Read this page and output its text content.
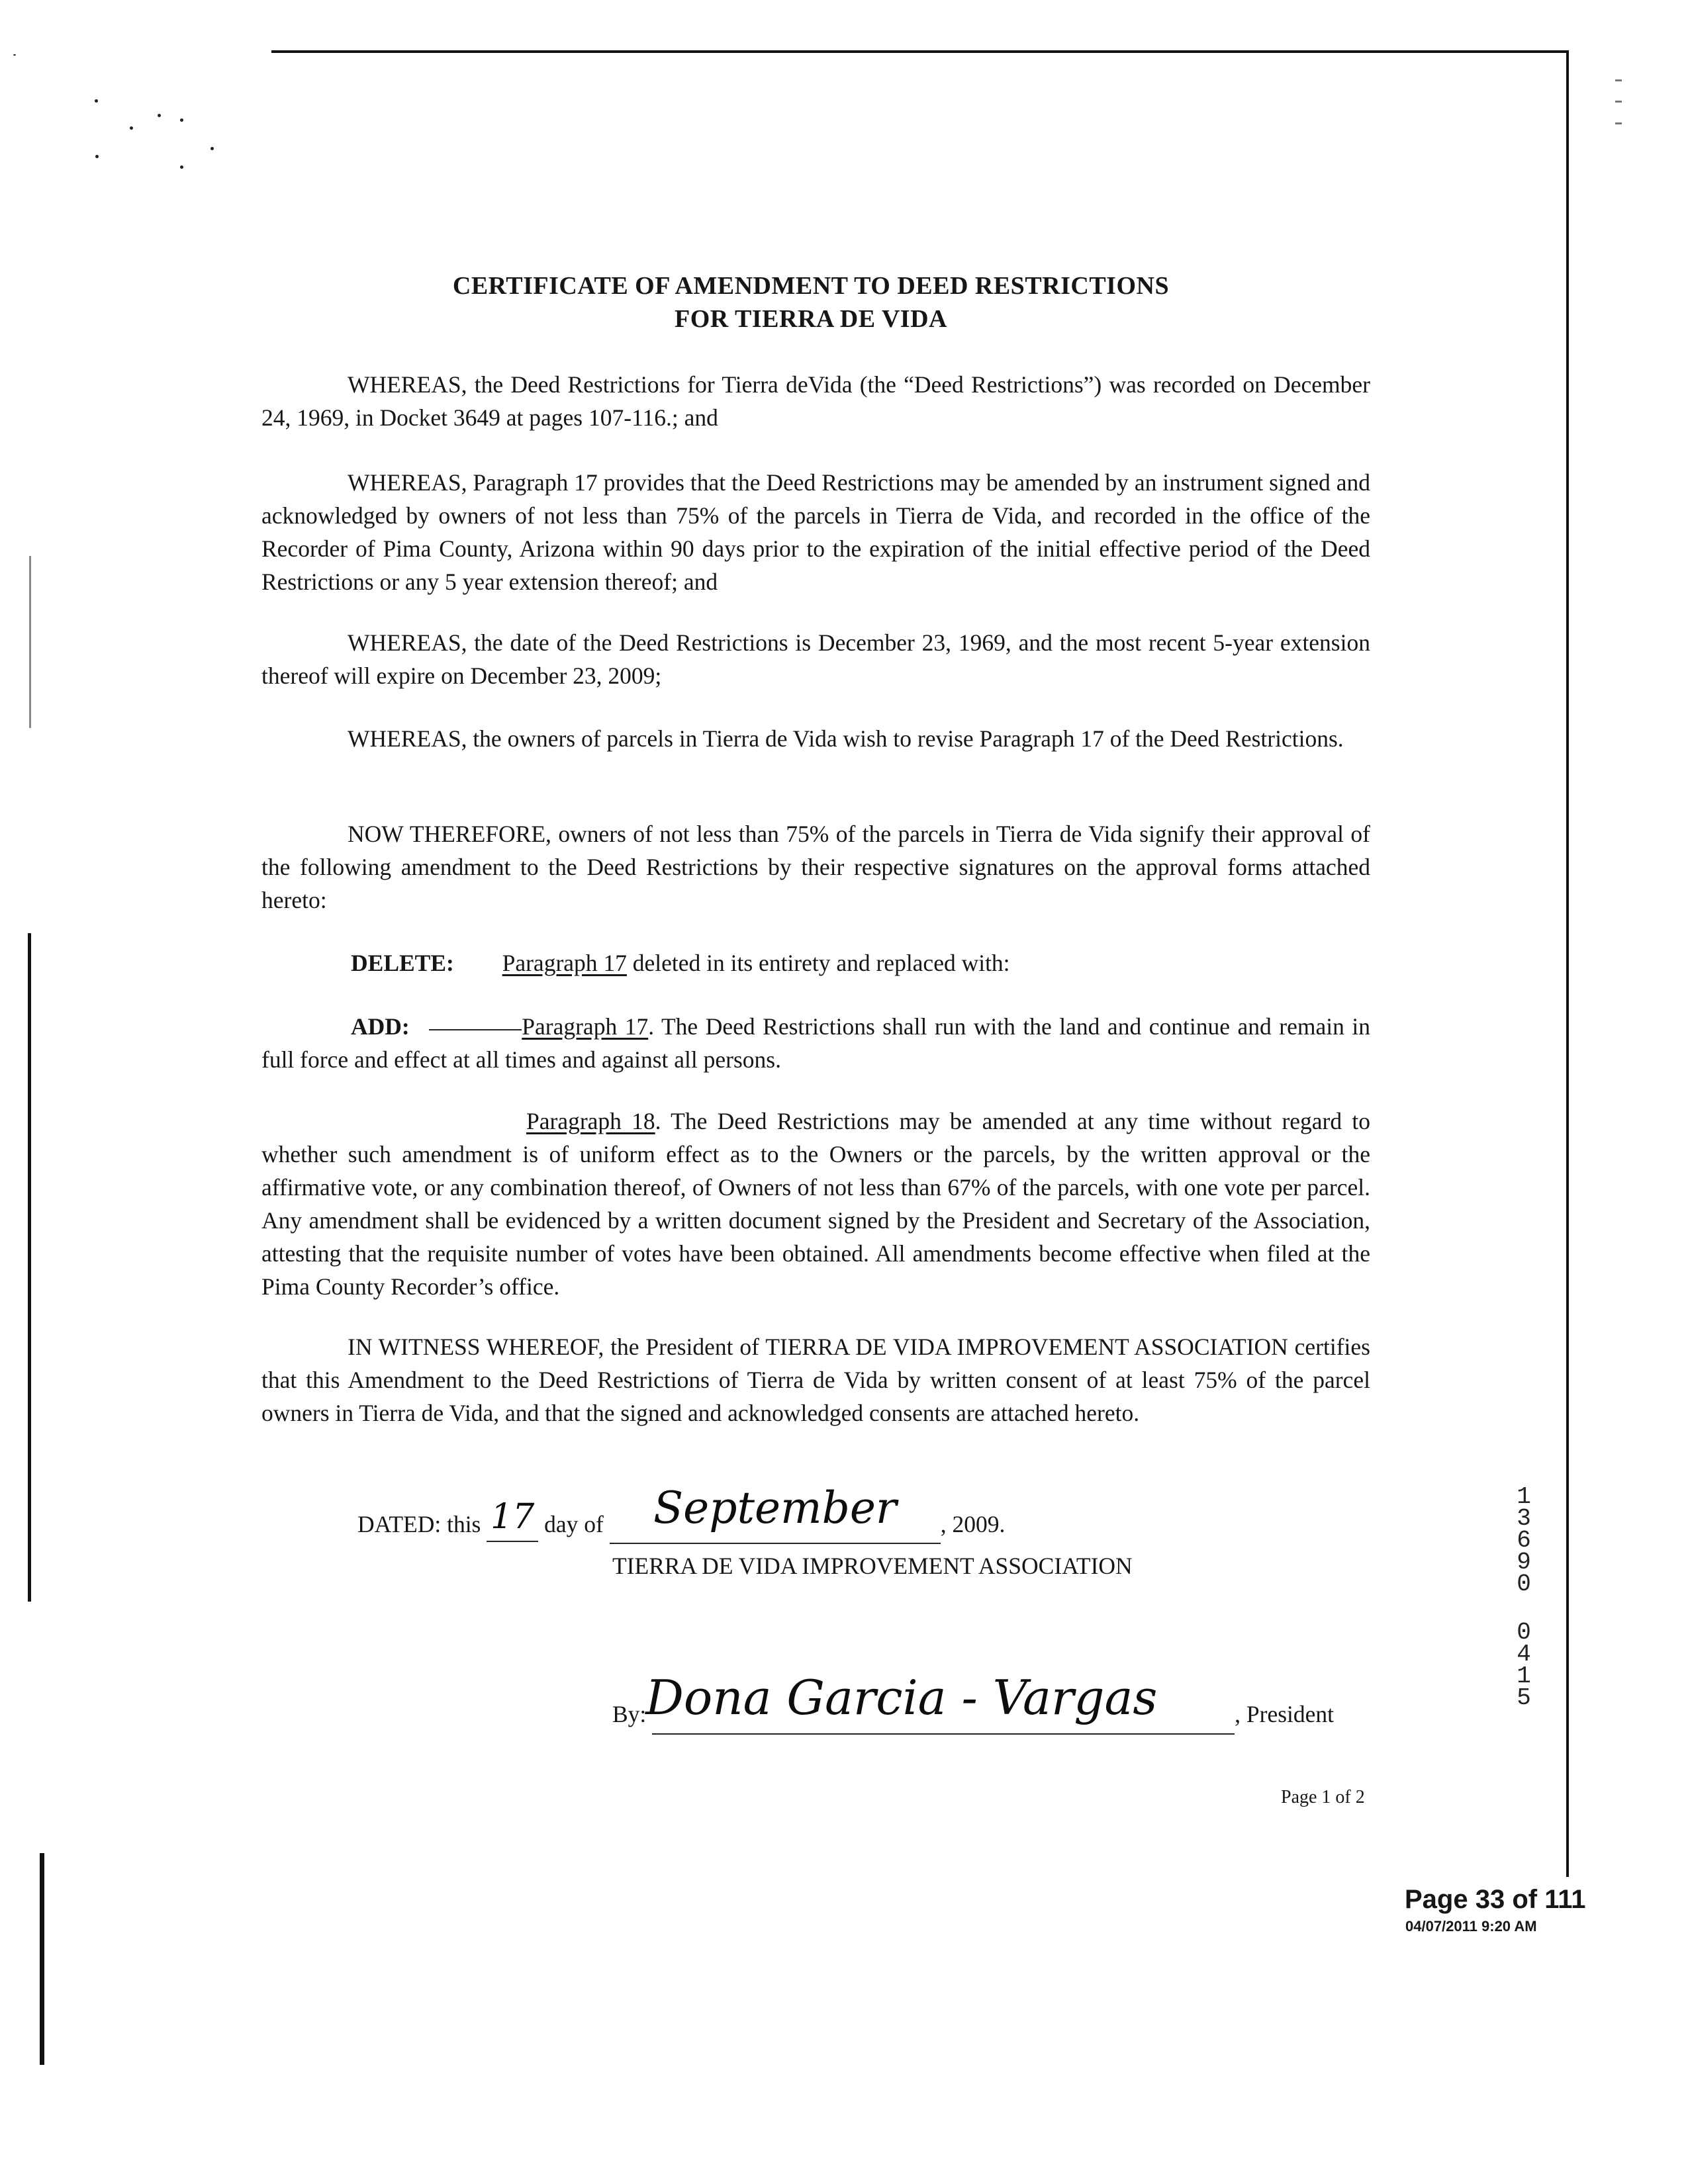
CERTIFICATE OF AMENDMENT TO DEED RESTRICTIONS
FOR TIERRA DE VIDA
WHEREAS, the Deed Restrictions for Tierra deVida (the “Deed Restrictions”) was recorded on December 24, 1969, in Docket 3649 at pages 107-116.; and
WHEREAS, Paragraph 17 provides that the Deed Restrictions may be amended by an instrument signed and acknowledged by owners of not less than 75% of the parcels in Tierra de Vida, and recorded in the office of the Recorder of Pima County, Arizona within 90 days prior to the expiration of the initial effective period of the Deed Restrictions or any 5 year extension thereof; and
WHEREAS, the date of the Deed Restrictions is December 23, 1969, and the most recent 5-year extension thereof will expire on December 23, 2009;
WHEREAS, the owners of parcels in Tierra de Vida wish to revise Paragraph 17 of the Deed Restrictions.
NOW THEREFORE, owners of not less than 75% of the parcels in Tierra de Vida signify their approval of the following amendment to the Deed Restrictions by their respective signatures on the approval forms attached hereto:
DELETE: Paragraph 17 deleted in its entirety and replaced with:
ADD:	Paragraph 17. The Deed Restrictions shall run with the land and continue and remain in full force and effect at all times and against all persons.
Paragraph 18. The Deed Restrictions may be amended at any time without regard to whether such amendment is of uniform effect as to the Owners or the parcels, by the written approval or the affirmative vote, or any combination thereof, of Owners of not less than 67% of the parcels, with one vote per parcel. Any amendment shall be evidenced by a written document signed by the President and Secretary of the Association, attesting that the requisite number of votes have been obtained. All amendments become effective when filed at the Pima County Recorder’s office.
IN WITNESS WHEREOF, the President of TIERRA DE VIDA IMPROVEMENT ASSOCIATION certifies that this Amendment to the Deed Restrictions of Tierra de Vida by written consent of at least 75% of the parcel owners in Tierra de Vida, and that the signed and acknowledged consents are attached hereto.
DATED: this 17 day of September , 2009.
TIERRA DE VIDA IMPROVEMENT ASSOCIATION
By: Dona Garcia - Vargas	, President
Page 1 of 2
1
3
6
9
0
0
4
1
5
Page 33 of 111
04/07/2011 9:20 AM
